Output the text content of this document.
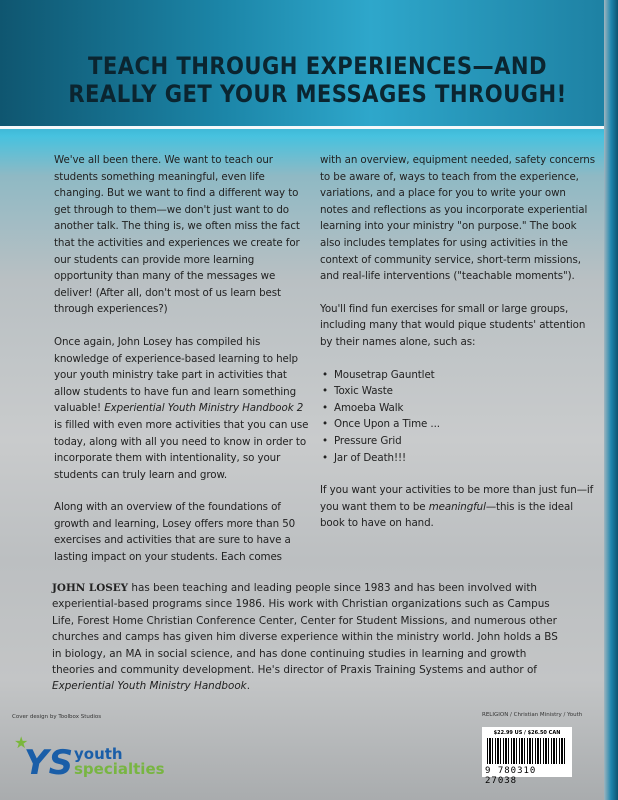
TEACH THROUGH EXPERIENCES—AND
REALLY GET YOUR MESSAGES THROUGH!

We've all been there. We want to teach our students something meaningful, even life changing. But we want to find a different way to get through to them—we don't just want to do another talk. The thing is, we often miss the fact that the activities and experiences we create for our students can provide more learning opportunity than many of the messages we deliver! (After all, don't most of us learn best through experiences?)

Once again, John Losey has compiled his knowledge of experience-based learning to help your youth ministry take part in activities that allow students to have fun and learn something valuable! Experiential Youth Ministry Handbook 2 is filled with even more activities that you can use today, along with all you need to know in order to incorporate them with intentionality, so your students can truly learn and grow.

Along with an overview of the foundations of growth and learning, Losey offers more than 50 exercises and activities that are sure to have a lasting impact on your students. Each comes

with an overview, equipment needed, safety concerns to be aware of, ways to teach from the experience, variations, and a place for you to write your own notes and reflections as you incorporate experiential learning into your ministry "on purpose." The book also includes templates for using activities in the context of community service, short-term missions, and real-life interventions ("teachable moments").

You'll find fun exercises for small or large groups, including many that would pique students' attention by their names alone, such as:

• Mousetrap Gauntlet
• Toxic Waste
• Amoeba Walk
• Once Upon a Time ...
• Pressure Grid
• Jar of Death!!!

If you want your activities to be more than just fun—if you want them to be meaningful—this is the ideal book to have on hand.

JOHN LOSEY has been teaching and leading people since 1983 and has been involved with experiential-based programs since 1986. His work with Christian organizations such as Campus Life, Forest Home Christian Conference Center, Center for Student Missions, and numerous other churches and camps has given him diverse experience within the ministry world. John holds a BS in biology, an MA in social science, and has done continuing studies in learning and growth theories and community development. He's director of Praxis Training Systems and author of Experiential Youth Ministry Handbook.
Cover design by Toolbox Studios
★
YS youth
specialties
RELIGION / Christian Ministry / Youth
$22.99 US / $26.50 CAN
9 780310 27038
